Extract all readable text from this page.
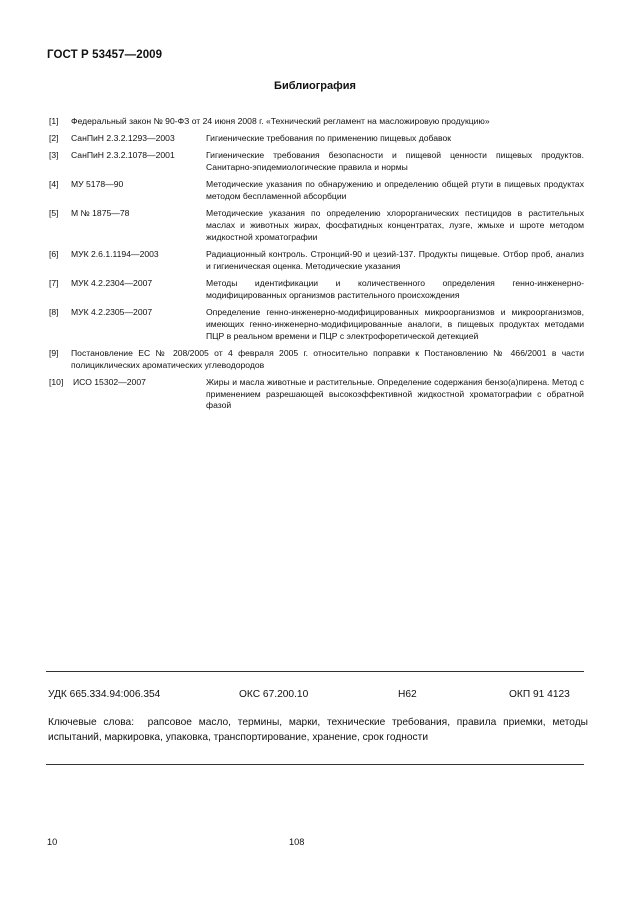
ГОСТ Р 53457—2009
Библиография
[1]	Федеральный закон № 90-ФЗ от 24 июня 2008 г. «Технический регламент на масложировую продукцию»
[2]	СанПиН 2.3.2.1293—2003	Гигиенические требования по применению пищевых добавок
[3]	СанПиН 2.3.2.1078—2001	Гигиенические требования безопасности и пищевой ценности пищевых продуктов. Санитарно-эпидемиологические правила и нормы
[4]	МУ 5178—90	Методические указания по обнаружению и определению общей ртути в пищевых продуктах методом беспламенной абсорбции
[5]	М № 1875—78	Методические указания по определению хлорорганических пестицидов в растительных маслах и животных жирах, фосфатидных концентратах, лузге, жмыхе и шроте методом жидкостной хроматографии
[6]	МУК 2.6.1.1194—2003	Радиационный контроль. Стронций-90 и цезий-137. Продукты пищевые. Отбор проб, анализ и гигиеническая оценка. Методические указания
[7]	МУК 4.2.2304—2007	Методы идентификации и количественного определения генно-инженерно-модифицированных организмов растительного происхождения
[8]	МУК 4.2.2305—2007	Определение генно-инженерно-модифицированных микроорганизмов и микроорганизмов, имеющих генно-инженерно-модифицированные аналоги, в пищевых продуктах методами ПЦР в реальном времени и ПЦР с электрофоретической детекцией
[9]	Постановление ЕС № 208/2005 от 4 февраля 2005 г. относительно поправки к Постановлению № 466/2001 в части полициклических ароматических углеводородов
[10]	ИСО 15302—2007	Жиры и масла животные и растительные. Определение содержания бензо(а)пирена. Метод с применением разрешающей высокоэффективной жидкостной хроматографии с обратной фазой
УДК 665.334.94:006.354	ОКС 67.200.10	Н62	ОКП 91 4123
Ключевые слова: рапсовое масло, термины, марки, технические требования, правила приемки, методы испытаний, маркировка, упаковка, транспортирование, хранение, срок годности
10	108
